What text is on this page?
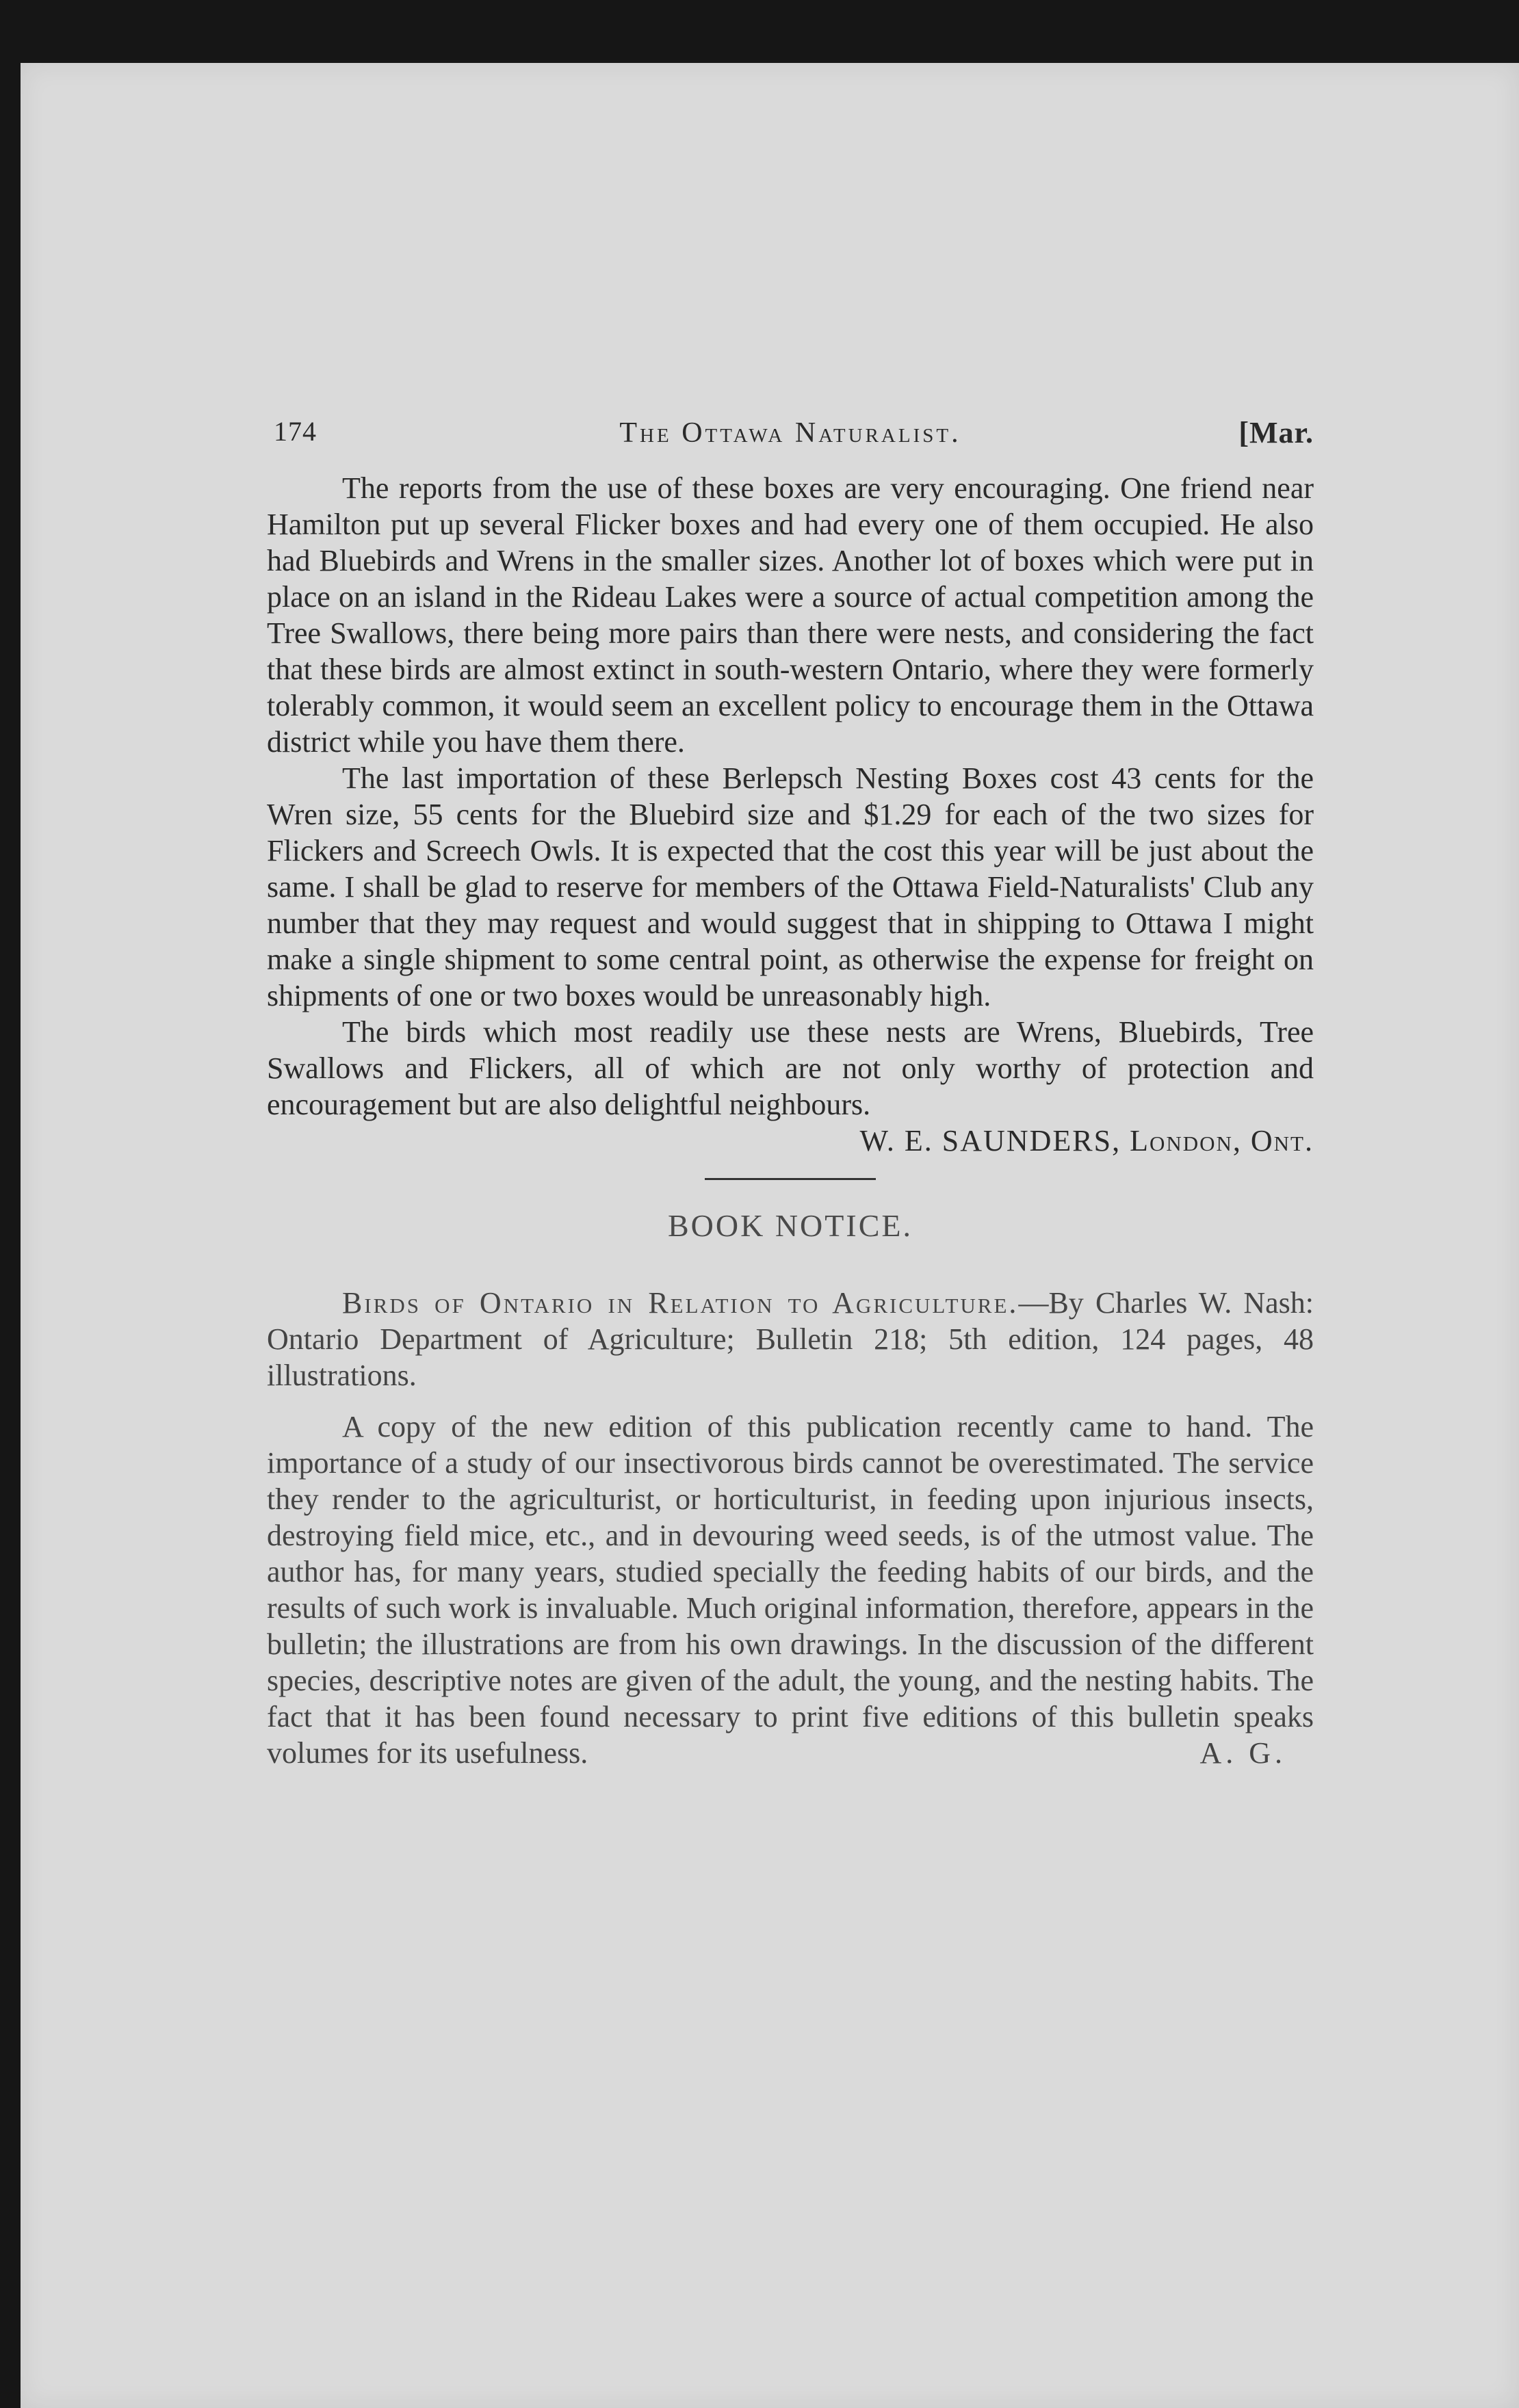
174	The Ottawa Naturalist.	[Mar.

The reports from the use of these boxes are very encouraging. One friend near Hamilton put up several Flicker boxes and had every one of them occupied. He also had Bluebirds and Wrens in the smaller sizes. Another lot of boxes which were put in place on an island in the Rideau Lakes were a source of actual competition among the Tree Swallows, there being more pairs than there were nests, and considering the fact that these birds are almost extinct in south-western Ontario, where they were formerly tolerably common, it would seem an excellent policy to encourage them in the Ottawa district while you have them there.

The last importation of these Berlepsch Nesting Boxes cost 43 cents for the Wren size, 55 cents for the Bluebird size and $1.29 for each of the two sizes for Flickers and Screech Owls. It is expected that the cost this year will be just about the same. I shall be glad to reserve for members of the Ottawa Field-Naturalists' Club any number that they may request and would suggest that in shipping to Ottawa I might make a single shipment to some central point, as otherwise the expense for freight on shipments of one or two boxes would be unreasonably high.

The birds which most readily use these nests are Wrens, Bluebirds, Tree Swallows and Flickers, all of which are not only worthy of protection and encouragement but are also delightful neighbours.

W. E. SAUNDERS, London, Ont.
BOOK NOTICE.

Birds of Ontario in Relation to Agriculture.—By Charles W. Nash: Ontario Department of Agriculture; Bulletin 218; 5th edition, 124 pages, 48 illustrations.

A copy of the new edition of this publication recently came to hand. The importance of a study of our insectivorous birds cannot be overestimated. The service they render to the agriculturist, or horticulturist, in feeding upon injurious insects, destroying field mice, etc., and in devouring weed seeds, is of the utmost value. The author has, for many years, studied specially the feeding habits of our birds, and the results of such work is invaluable. Much original information, therefore, appears in the bulletin; the illustrations are from his own drawings. In the discussion of the different species, descriptive notes are given of the adult, the young, and the nesting habits. The fact that it has been found necessary to print five editions of this bulletin speaks volumes for its usefulness.	A. G.
